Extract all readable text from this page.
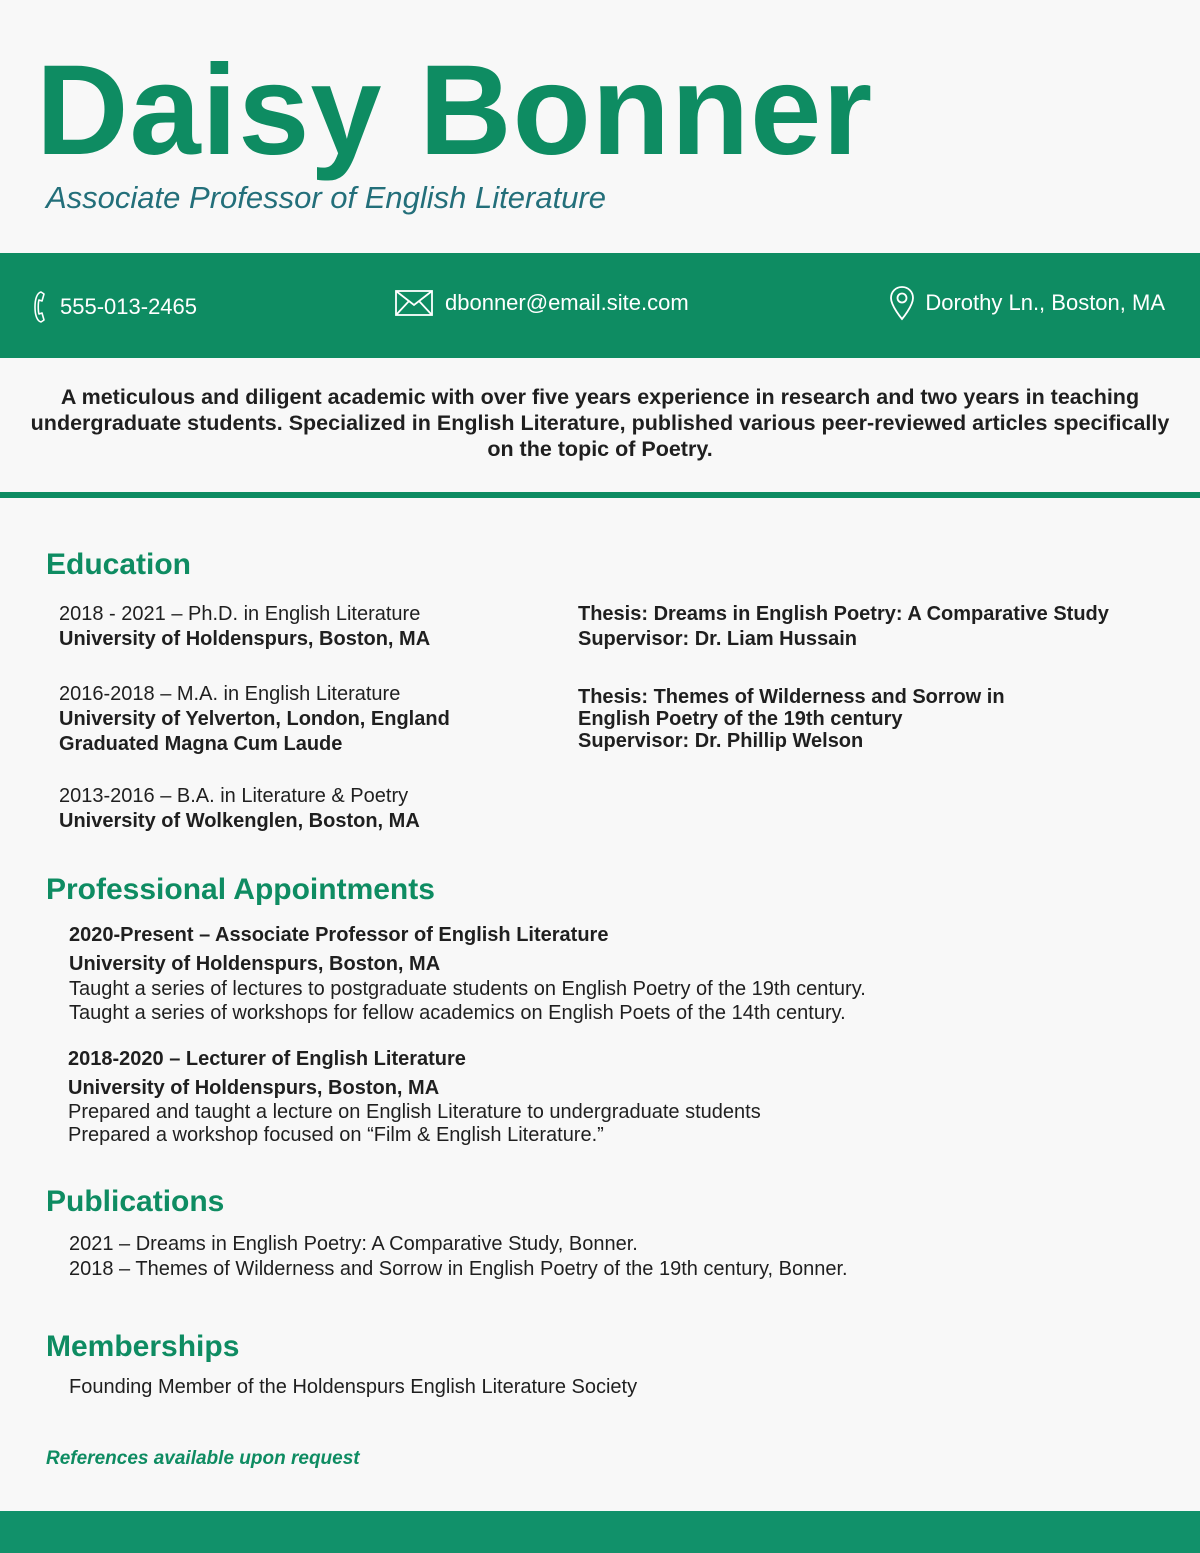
Daisy Bonner
Associate Professor of English Literature
555-013-2465	dbonner@email.site.com	Dorothy Ln., Boston, MA

A meticulous and diligent academic with over five years experience in research and two years in teaching undergraduate students. Specialized in English Literature, published various peer-reviewed articles specifically on the topic of Poetry.

Education
2018 - 2021 – Ph.D. in English Literature
University of Holdenspurs, Boston, MA
Thesis: Dreams in English Poetry: A Comparative Study
Supervisor: Dr. Liam Hussain
2016-2018 – M.A. in English Literature
University of Yelverton, London, England
Graduated Magna Cum Laude
Thesis: Themes of Wilderness and Sorrow in
English Poetry of the 19th century
Supervisor: Dr. Phillip Welson
2013-2016 – B.A. in Literature & Poetry
University of Wolkenglen, Boston, MA
Professional Appointments
2020-Present – Associate Professor of English Literature
University of Holdenspurs, Boston, MA
Taught a series of lectures to postgraduate students on English Poetry of the 19th century.
Taught a series of workshops for fellow academics on English Poets of the 14th century.
2018-2020 – Lecturer of English Literature
University of Holdenspurs, Boston, MA
Prepared and taught a lecture on English Literature to undergraduate students
Prepared a workshop focused on “Film & English Literature.”
Publications
2021 – Dreams in English Poetry: A Comparative Study, Bonner.
2018 – Themes of Wilderness and Sorrow in English Poetry of the 19th century, Bonner.
Memberships
Founding Member of the Holdenspurs English Literature Society
References available upon request
